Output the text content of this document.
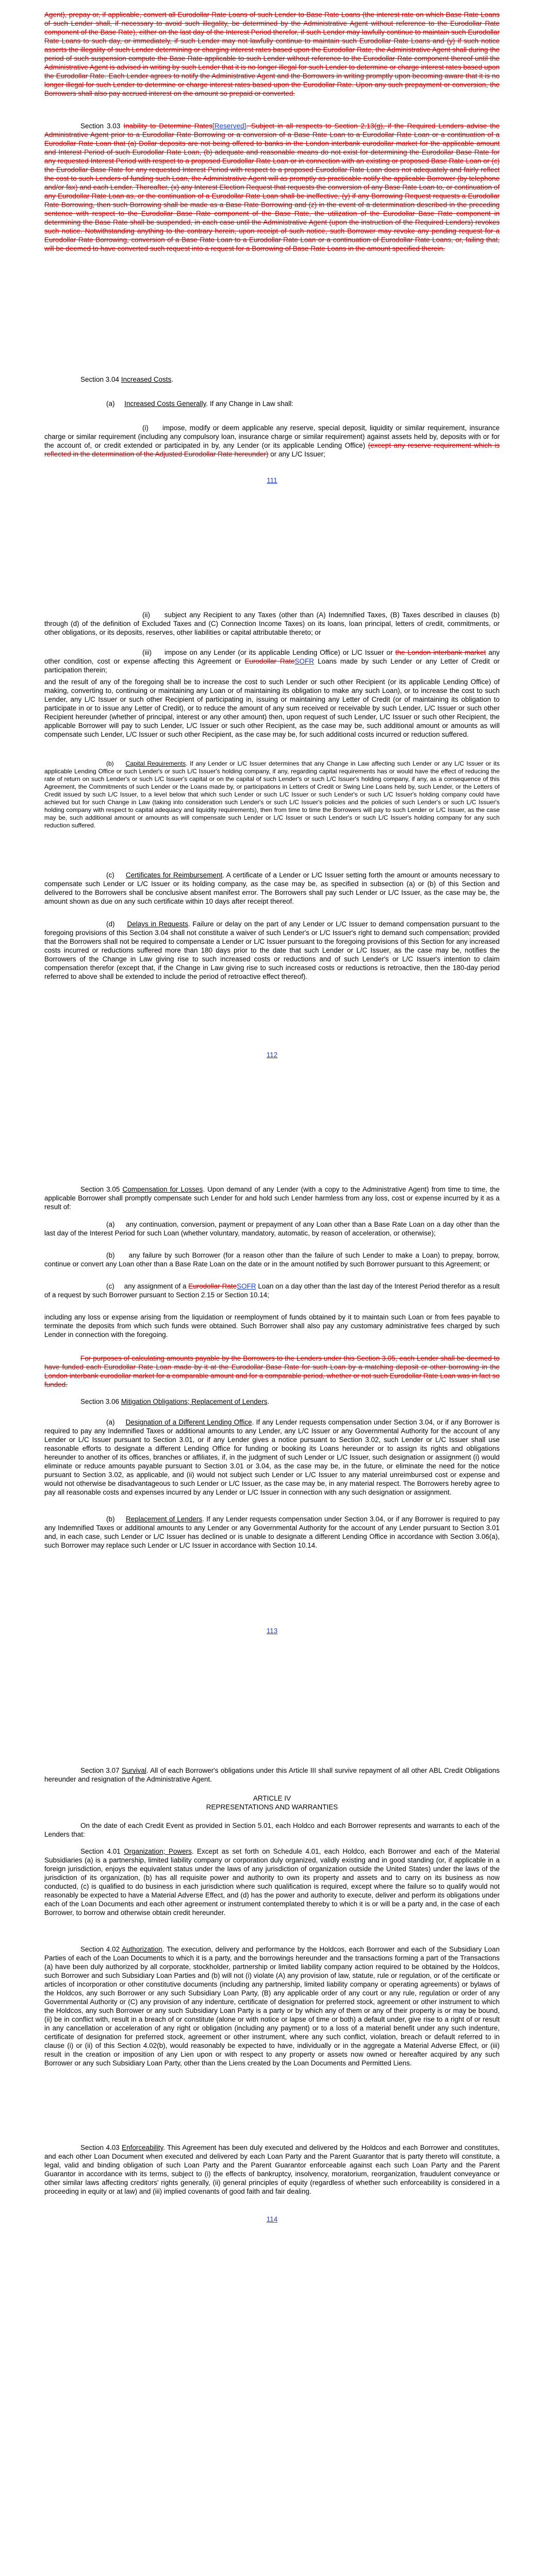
Agent), prepay or, if applicable, convert all Eurodollar Rate Loans of such Lender to Base Rate Loans (the interest rate on which Base Rate Loans of such Lender shall, if necessary to avoid such illegality, be determined by the Administrative Agent without reference to the Eurodollar Rate component of the Base Rate), either on the last day of the Interest Period therefor, if such Lender may lawfully continue to maintain such Eurodollar Rate Loans to such day, or immediately, if such Lender may not lawfully continue to maintain such Eurodollar Rate Loans and (y) if such notice asserts the illegality of such Lender determining or charging interest rates based upon the Eurodollar Rate, the Administrative Agent shall during the period of such suspension compute the Base Rate applicable to such Lender without reference to the Eurodollar Rate component thereof until the Administrative Agent is advised in writing by such Lender that it is no longer illegal for such Lender to determine or charge interest rates based upon the Eurodollar Rate. Each Lender agrees to notify the Administrative Agent and the Borrowers in writing promptly upon becoming aware that it is no longer illegal for such Lender to determine or charge interest rates based upon the Eurodollar Rate. Upon any such prepayment or conversion, the Borrowers shall also pay accrued interest on the amount so prepaid or converted.

Section 3.03 Inability to Determine Rates[Reserved]. Subject in all respects to Section 2.13(g), if the Required Lenders advise the Administrative Agent prior to a Eurodollar Rate Borrowing or a conversion of a Base Rate Loan to a Eurodollar Rate Loan or a continuation of a Eurodollar Rate Loan that (a) Dollar deposits are not being offered to banks in the London interbank eurodollar market for the applicable amount and Interest Period of such Eurodollar Rate Loan, (b) adequate and reasonable means do not exist for determining the Eurodollar Base Rate for any requested Interest Period with respect to a proposed Eurodollar Rate Loan or in connection with an existing or proposed Base Rate Loan or (c) the Eurodollar Base Rate for any requested Interest Period with respect to a proposed Eurodollar Rate Loan does not adequately and fairly reflect the cost to such Lenders of funding such Loan, the Administrative Agent will as promptly as practicable notify the applicable Borrower (by telephone and/or fax) and each Lender. Thereafter, (x) any Interest Election Request that requests the conversion of any Base Rate Loan to, or continuation of any Eurodollar Rate Loan as, or the continuation of a Eurodollar Rate Loan shall be ineffective, (y) if any Borrowing Request requests a Eurodollar Rate Borrowing, then such Borrowing shall be made as a Base Rate Borrowing and (z) in the event of a determination described in the preceding sentence with respect to the Eurodollar Base Rate component of the Base Rate, the utilization of the Eurodollar Base Rate component in determining the Base Rate shall be suspended, in each case until the Administrative Agent (upon the instruction of the Required Lenders) revokes such notice. Notwithstanding anything to the contrary herein, upon receipt of such notice, such Borrower may revoke any pending request for a Eurodollar Rate Borrowing, conversion of a Base Rate Loan to a Eurodollar Rate Loan or a continuation of Eurodollar Rate Loans, or, failing that, will be deemed to have converted such request into a request for a Borrowing of Base Rate Loans in the amount specified therein.

Section 3.04 Increased Costs.

(a) Increased Costs Generally. If any Change in Law shall:

(i) impose, modify or deem applicable any reserve, special deposit, liquidity or similar requirement, insurance charge or similar requirement (including any compulsory loan, insurance charge or similar requirement) against assets held by, deposits with or for the account of, or credit extended or participated in by, any Lender (or its applicable Lending Office) (except any reserve requirement which is reflected in the determination of the Adjusted Eurodollar Rate hereunder) or any L/C Issuer;

111

(ii) subject any Recipient to any Taxes (other than (A) Indemnified Taxes, (B) Taxes described in clauses (b) through (d) of the definition of Excluded Taxes and (C) Connection Income Taxes) on its loans, loan principal, letters of credit, commitments, or other obligations, or its deposits, reserves, other liabilities or capital attributable thereto; or

(iii) impose on any Lender (or its applicable Lending Office) or L/C Issuer or the London interbank market any other condition, cost or expense affecting this Agreement or Eurodollar RateSOFR Loans made by such Lender or any Letter of Credit or participation therein;

and the result of any of the foregoing shall be to increase the cost to such Lender or such other Recipient (or its applicable Lending Office) of making, converting to, continuing or maintaining any Loan or of maintaining its obligation to make any such Loan), or to increase the cost to such Lender, any L/C Issuer or such other Recipient of participating in, issuing or maintaining any Letter of Credit (or of maintaining its obligation to participate in or to issue any Letter of Credit), or to reduce the amount of any sum received or receivable by such Lender, L/C Issuer or such other Recipient hereunder (whether of principal, interest or any other amount) then, upon request of such Lender, L/C Issuer or such other Recipient, the applicable Borrower will pay to such Lender, L/C Issuer or such other Recipient, as the case may be, such additional amount or amounts as will compensate such Lender, L/C Issuer or such other Recipient, as the case may be, for such additional costs incurred or reduction suffered.

(b) Capital Requirements. If any Lender or L/C Issuer determines that any Change in Law affecting such Lender or any L/C Issuer or its applicable Lending Office or such Lender's or such L/C Issuer's holding company, if any, regarding capital requirements has or would have the effect of reducing the rate of return on such Lender's or such L/C Issuer's capital or on the capital of such Lender's or such L/C Issuer's holding company, if any, as a consequence of this Agreement, the Commitments of such Lender or the Loans made by, or participations in Letters of Credit or Swing Line Loans held by, such Lender, or the Letters of Credit issued by such L/C Issuer, to a level below that which such Lender or such L/C Issuer or such Lender's or such L/C Issuer's holding company could have achieved but for such Change in Law (taking into consideration such Lender's or such L/C Issuer's policies and the policies of such Lender's or such L/C Issuer's holding company with respect to capital adequacy and liquidity requirements), then from time to time the Borrowers will pay to such Lender or L/C Issuer, as the case may be, such additional amount or amounts as will compensate such Lender or L/C Issuer or such Lender's or such L/C Issuer's holding company for any such reduction suffered.

(c) Certificates for Reimbursement. A certificate of a Lender or L/C Issuer setting forth the amount or amounts necessary to compensate such Lender or L/C Issuer or its holding company, as the case may be, as specified in subsection (a) or (b) of this Section and delivered to the Borrowers shall be conclusive absent manifest error. The Borrowers shall pay such Lender or L/C Issuer, as the case may be, the amount shown as due on any such certificate within 10 days after receipt thereof.

(d) Delays in Requests. Failure or delay on the part of any Lender or L/C Issuer to demand compensation pursuant to the foregoing provisions of this Section 3.04 shall not constitute a waiver of such Lender's or L/C Issuer's right to demand such compensation; provided that the Borrowers shall not be required to compensate a Lender or L/C Issuer pursuant to the foregoing provisions of this Section for any increased costs incurred or reductions suffered more than 180 days prior to the date that such Lender or L/C Issuer, as the case may be, notifies the Borrowers of the Change in Law giving rise to such increased costs or reductions and of such Lender's or L/C Issuer's intention to claim compensation therefor (except that, if the Change in Law giving rise to such increased costs or reductions is retroactive, then the 180-day period referred to above shall be extended to include the period of retroactive effect thereof).

112

Section 3.05 Compensation for Losses. Upon demand of any Lender (with a copy to the Administrative Agent) from time to time, the applicable Borrower shall promptly compensate such Lender for and hold such Lender harmless from any loss, cost or expense incurred by it as a result of:

(a) any continuation, conversion, payment or prepayment of any Loan other than a Base Rate Loan on a day other than the last day of the Interest Period for such Loan (whether voluntary, mandatory, automatic, by reason of acceleration, or otherwise);

(b) any failure by such Borrower (for a reason other than the failure of such Lender to make a Loan) to prepay, borrow, continue or convert any Loan other than a Base Rate Loan on the date or in the amount notified by such Borrower pursuant to this Agreement; or

(c) any assignment of a Eurodollar RateSOFR Loan on a day other than the last day of the Interest Period therefor as a result of a request by such Borrower pursuant to Section 2.15 or Section 10.14;

including any loss or expense arising from the liquidation or reemployment of funds obtained by it to maintain such Loan or from fees payable to terminate the deposits from which such funds were obtained. Such Borrower shall also pay any customary administrative fees charged by such Lender in connection with the foregoing.

For purposes of calculating amounts payable by the Borrowers to the Lenders under this Section 3.05, each Lender shall be deemed to have funded each Eurodollar Rate Loan made by it at the Eurodollar Base Rate for such Loan by a matching deposit or other borrowing in the London interbank eurodollar market for a comparable amount and for a comparable period, whether or not such Eurodollar Rate Loan was in fact so funded.

Section 3.06 Mitigation Obligations; Replacement of Lenders.

(a) Designation of a Different Lending Office. If any Lender requests compensation under Section 3.04, or if any Borrower is required to pay any Indemnified Taxes or additional amounts to any Lender, any L/C Issuer or any Governmental Authority for the account of any Lender or L/C Issuer pursuant to Section 3.01, or if any Lender gives a notice pursuant to Section 3.02, such Lender or L/C Issuer shall use reasonable efforts to designate a different Lending Office for funding or booking its Loans hereunder or to assign its rights and obligations hereunder to another of its offices, branches or affiliates, if, in the judgment of such Lender or L/C Issuer, such designation or assignment (i) would eliminate or reduce amounts payable pursuant to Section 3.01 or 3.04, as the case may be, in the future, or eliminate the need for the notice pursuant to Section 3.02, as applicable, and (ii) would not subject such Lender or L/C Issuer to any material unreimbursed cost or expense and would not otherwise be disadvantageous to such Lender or L/C Issuer, as the case may be, in any material respect. The Borrowers hereby agree to pay all reasonable costs and expenses incurred by any Lender or L/C Issuer in connection with any such designation or assignment.

(b) Replacement of Lenders. If any Lender requests compensation under Section 3.04, or if any Borrower is required to pay any Indemnified Taxes or additional amounts to any Lender or any Governmental Authority for the account of any Lender pursuant to Section 3.01 and, in each case, such Lender or L/C Issuer has declined or is unable to designate a different Lending Office in accordance with Section 3.06(a), such Borrower may replace such Lender or L/C Issuer in accordance with Section 10.14.

113

Section 3.07 Survival. All of each Borrower's obligations under this Article III shall survive repayment of all other ABL Credit Obligations hereunder and resignation of the Administrative Agent.

ARTICLE IV

REPRESENTATIONS AND WARRANTIES

On the date of each Credit Event as provided in Section 5.01, each Holdco and each Borrower represents and warrants to each of the Lenders that:

Section 4.01 Organization; Powers. Except as set forth on Schedule 4.01, each Holdco, each Borrower and each of the Material Subsidiaries (a) is a partnership, limited liability company or corporation duly organized, validly existing and in good standing (or, if applicable in a foreign jurisdiction, enjoys the equivalent status under the laws of any jurisdiction of organization outside the United States) under the laws of the jurisdiction of its organization, (b) has all requisite power and authority to own its property and assets and to carry on its business as now conducted, (c) is qualified to do business in each jurisdiction where such qualification is required, except where the failure so to qualify would not reasonably be expected to have a Material Adverse Effect, and (d) has the power and authority to execute, deliver and perform its obligations under each of the Loan Documents and each other agreement or instrument contemplated thereby to which it is or will be a party and, in the case of each Borrower, to borrow and otherwise obtain credit hereunder.

Section 4.02 Authorization. The execution, delivery and performance by the Holdcos, each Borrower and each of the Subsidiary Loan Parties of each of the Loan Documents to which it is a party, and the borrowings hereunder and the transactions forming a part of the Transactions (a) have been duly authorized by all corporate, stockholder, partnership or limited liability company action required to be obtained by the Holdcos, such Borrower and such Subsidiary Loan Parties and (b) will not (i) violate (A) any provision of law, statute, rule or regulation, or of the certificate or articles of incorporation or other constitutive documents (including any partnership, limited liability company or operating agreements) or bylaws of the Holdcos, any such Borrower or any such Subsidiary Loan Party, (B) any applicable order of any court or any rule, regulation or order of any Governmental Authority or (C) any provision of any indenture, certificate of designation for preferred stock, agreement or other instrument to which the Holdcos, any such Borrower or any such Subsidiary Loan Party is a party or by which any of them or any of their property is or may be bound, (ii) be in conflict with, result in a breach of or constitute (alone or with notice or lapse of time or both) a default under, give rise to a right of or result in any cancellation or acceleration of any right or obligation (including any payment) or to a loss of a material benefit under any such indenture, certificate of designation for preferred stock, agreement or other instrument, where any such conflict, violation, breach or default referred to in clause (i) or (ii) of this Section 4.02(b), would reasonably be expected to have, individually or in the aggregate a Material Adverse Effect, or (iii) result in the creation or imposition of any Lien upon or with respect to any property or assets now owned or hereafter acquired by any such Borrower or any such Subsidiary Loan Party, other than the Liens created by the Loan Documents and Permitted Liens.

Section 4.03 Enforceability. This Agreement has been duly executed and delivered by the Holdcos and each Borrower and constitutes, and each other Loan Document when executed and delivered by each Loan Party and the Parent Guarantor that is party thereto will constitute, a legal, valid and binding obligation of such Loan Party and the Parent Guarantor enforceable against each such Loan Party and the Parent Guarantor in accordance with its terms, subject to (i) the effects of bankruptcy, insolvency, moratorium, reorganization, fraudulent conveyance or other similar laws affecting creditors' rights generally, (ii) general principles of equity (regardless of whether such enforceability is considered in a proceeding in equity or at law) and (iii) implied covenants of good faith and fair dealing.

114
